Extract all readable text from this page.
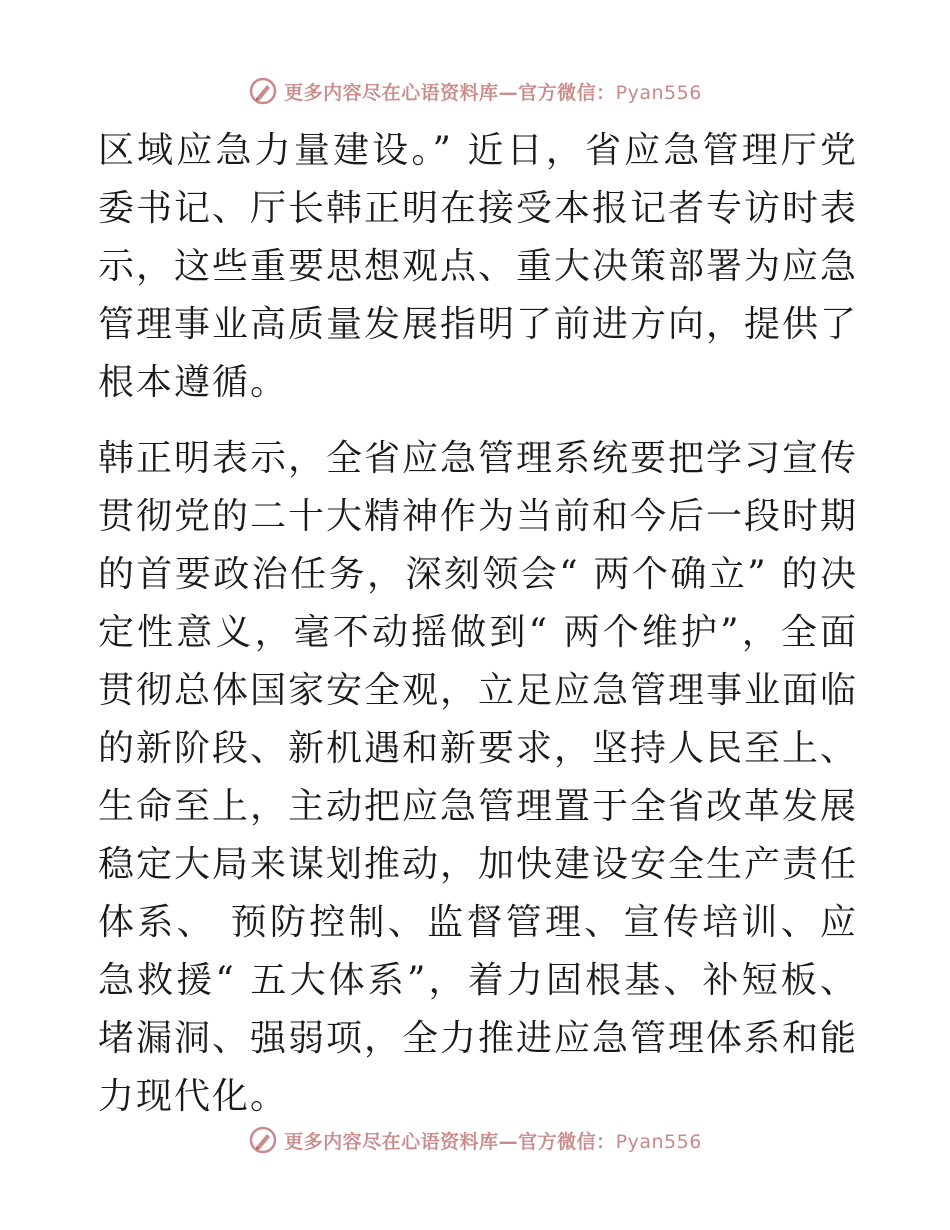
更多内容尽在心语资料库—官方微信：Pyan556

区域应急力量建设。” 近日，省应急管理厅党委书记、厅长韩正明在接受本报记者专访时表示，这些重要思想观点、重大决策部署为应急管理事业高质量发展指明了前进方向，提供了根本遵循。

韩正明表示，全省应急管理系统要把学习宣传贯彻党的二十大精神作为当前和今后一段时期的首要政治任务，深刻领会“ 两个确立” 的决定性意义，毫不动摇做到“ 两个维护”，全面贯彻总体国家安全观，立足应急管理事业面临的新阶段、新机遇和新要求，坚持人民至上、生命至上，主动把应急管理置于全省改革发展稳定大局来谋划推动，加快建设安全生产责任体系、 预防控制、监督管理、宣传培训、应急救援“ 五大体系”，着力固根基、补短板、堵漏洞、强弱项，全力推进应急管理体系和能力现代化。

更多内容尽在心语资料库—官方微信：Pyan556
